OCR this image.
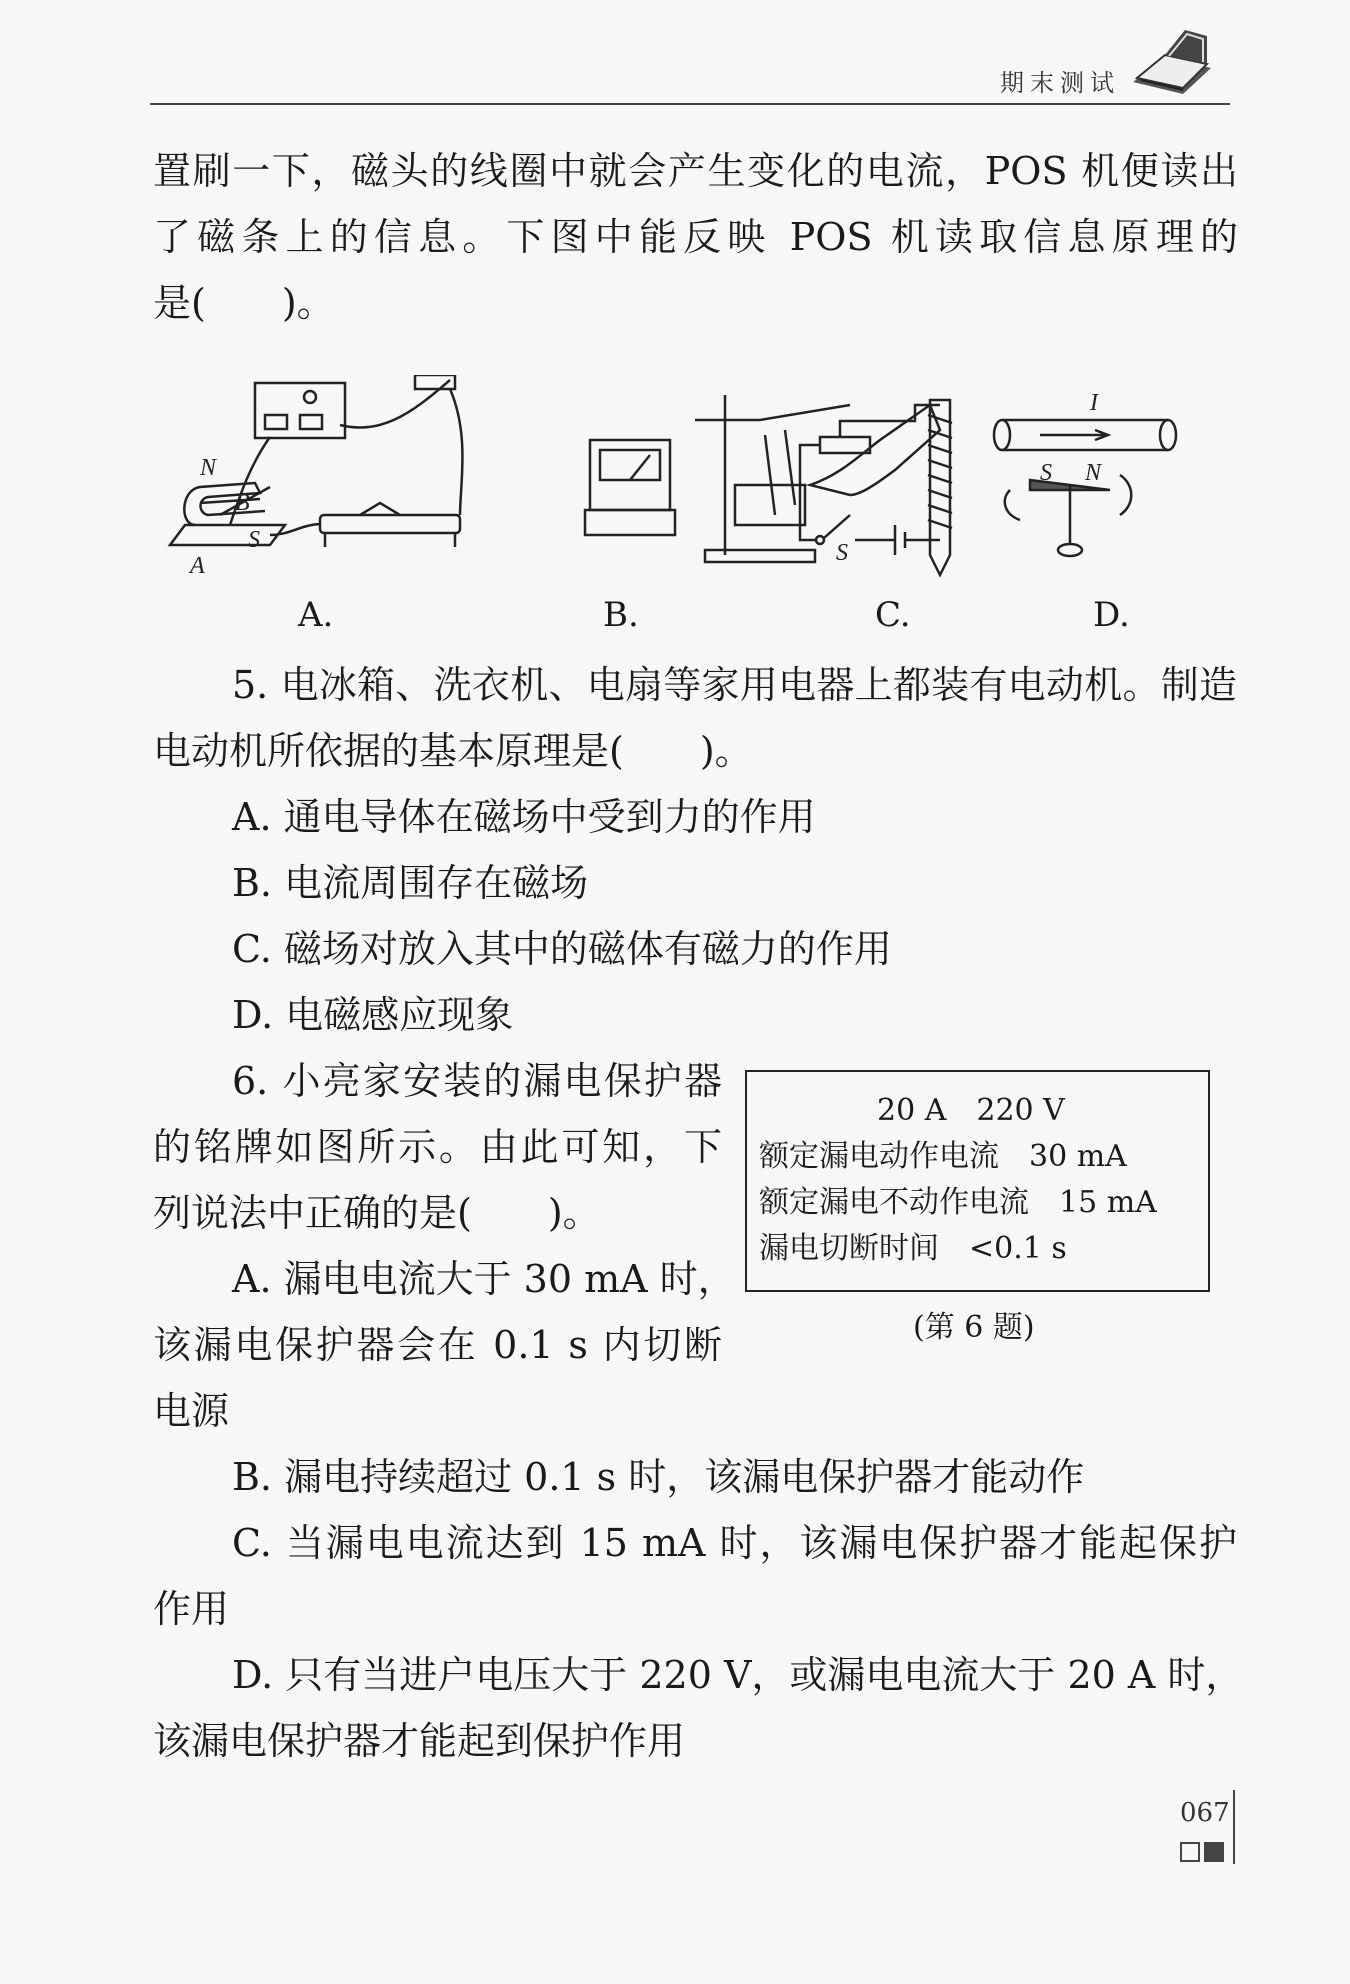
期末测试
置刷一下，磁头的线圈中就会产生变化的电流，POS 机便读出
了磁条上的信息。下图中能反映 POS 机读取信息原理的
是(　　)。
N
B
S
A	S
I
S N
A.	B.	C.	D.
5. 电冰箱、洗衣机、电扇等家用电器上都装有电动机。制造
电动机所依据的基本原理是(　　)。
A. 通电导体在磁场中受到力的作用
B. 电流周围存在磁场
C. 磁场对放入其中的磁体有磁力的作用
D. 电磁感应现象
6. 小亮家安装的漏电保护器
的铭牌如图所示。由此可知，下
列说法中正确的是(　　)。
A. 漏电电流大于 30 mA 时，
该漏电保护器会在 0.1 s 内切断
电源
20 A　220 V
额定漏电动作电流　30 mA
额定漏电不动作电流　15 mA
漏电切断时间　<0.1 s
(第 6 题)
B. 漏电持续超过 0.1 s 时，该漏电保护器才能动作
C. 当漏电电流达到 15 mA 时，该漏电保护器才能起保护
作用
D. 只有当进户电压大于 220 V，或漏电电流大于 20 A 时，
该漏电保护器才能起到保护作用
067
